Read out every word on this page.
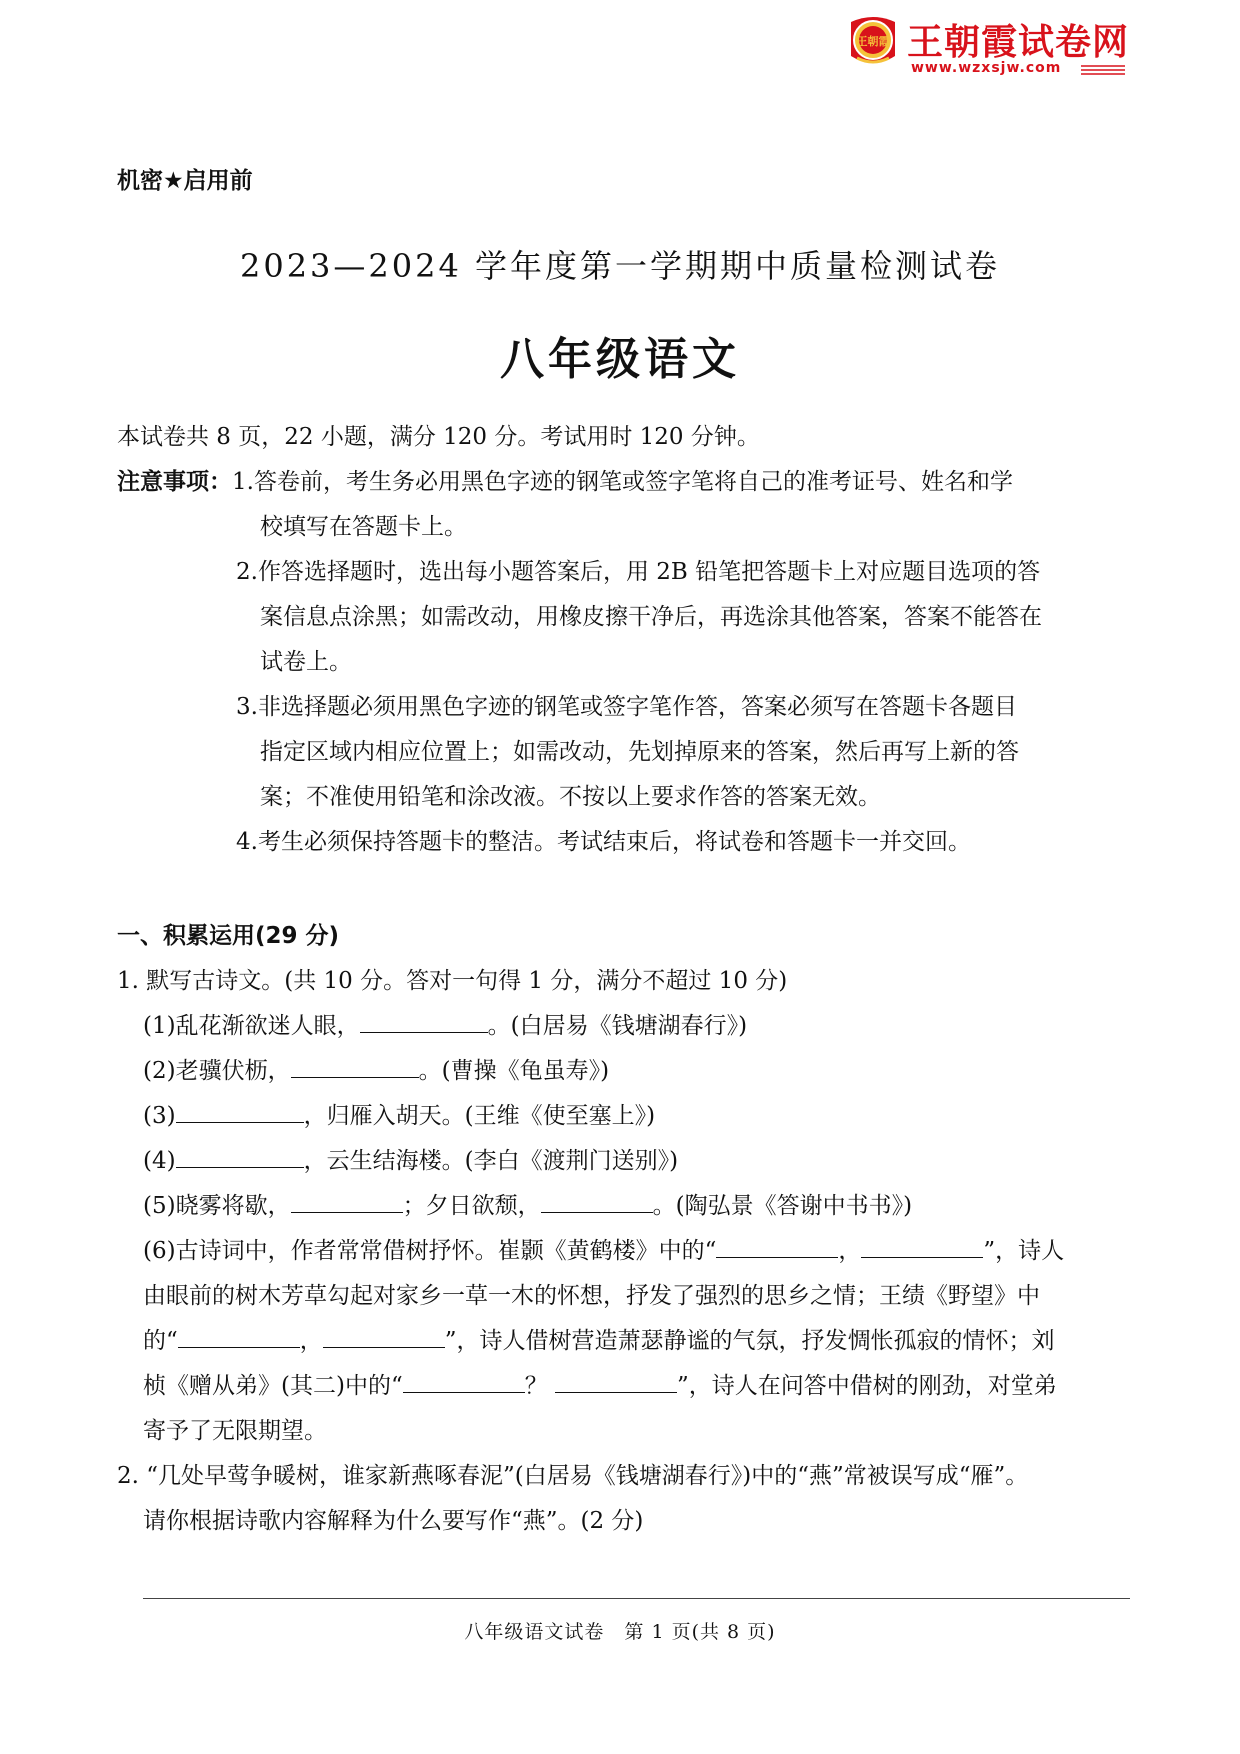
王朝霞 王朝霞试卷网
www.wzxsjw.com
机密★启用前
2023—2024 学年度第一学期期中质量检测试卷
八年级语文
本试卷共 8 页，22 小题，满分 120 分。考试用时 120 分钟。
注意事项：1.答卷前，考生务必用黑色字迹的钢笔或签字笔将自己的准考证号、姓名和学
校填写在答题卡上。
2.作答选择题时，选出每小题答案后，用 2B 铅笔把答题卡上对应题目选项的答
案信息点涂黑；如需改动，用橡皮擦干净后，再选涂其他答案，答案不能答在
试卷上。
3.非选择题必须用黑色字迹的钢笔或签字笔作答，答案必须写在答题卡各题目
指定区域内相应位置上；如需改动，先划掉原来的答案，然后再写上新的答
案；不准使用铅笔和涂改液。不按以上要求作答的答案无效。
4.考生必须保持答题卡的整洁。考试结束后，将试卷和答题卡一并交回。
一、积累运用(29 分)
1. 默写古诗文。(共 10 分。答对一句得 1 分，满分不超过 10 分)
(1)乱花渐欲迷人眼，	。(白居易《钱塘湖春行》)
(2)老骥伏枥，	。(曹操《龟虽寿》)
(3)	，归雁入胡天。(王维《使至塞上》)
(4)	，云生结海楼。(李白《渡荆门送别》)
(5)晓雾将歇，	；夕日欲颓，	。(陶弘景《答谢中书书》)
(6)古诗词中，作者常常借树抒怀。崔颢《黄鹤楼》中的“	，	”，诗人
由眼前的树木芳草勾起对家乡一草一木的怀想，抒发了强烈的思乡之情；王绩《野望》中
的“	，	”，诗人借树营造萧瑟静谧的气氛，抒发惆怅孤寂的情怀；刘
桢《赠从弟》(其二)中的“	？	”，诗人在问答中借树的刚劲，对堂弟
寄予了无限期望。
2. “几处早莺争暖树，谁家新燕啄春泥”(白居易《钱塘湖春行》)中的“燕”常被误写成“雁”。
请你根据诗歌内容解释为什么要写作“燕”。(2 分)
八年级语文试卷　第 1 页(共 8 页)
